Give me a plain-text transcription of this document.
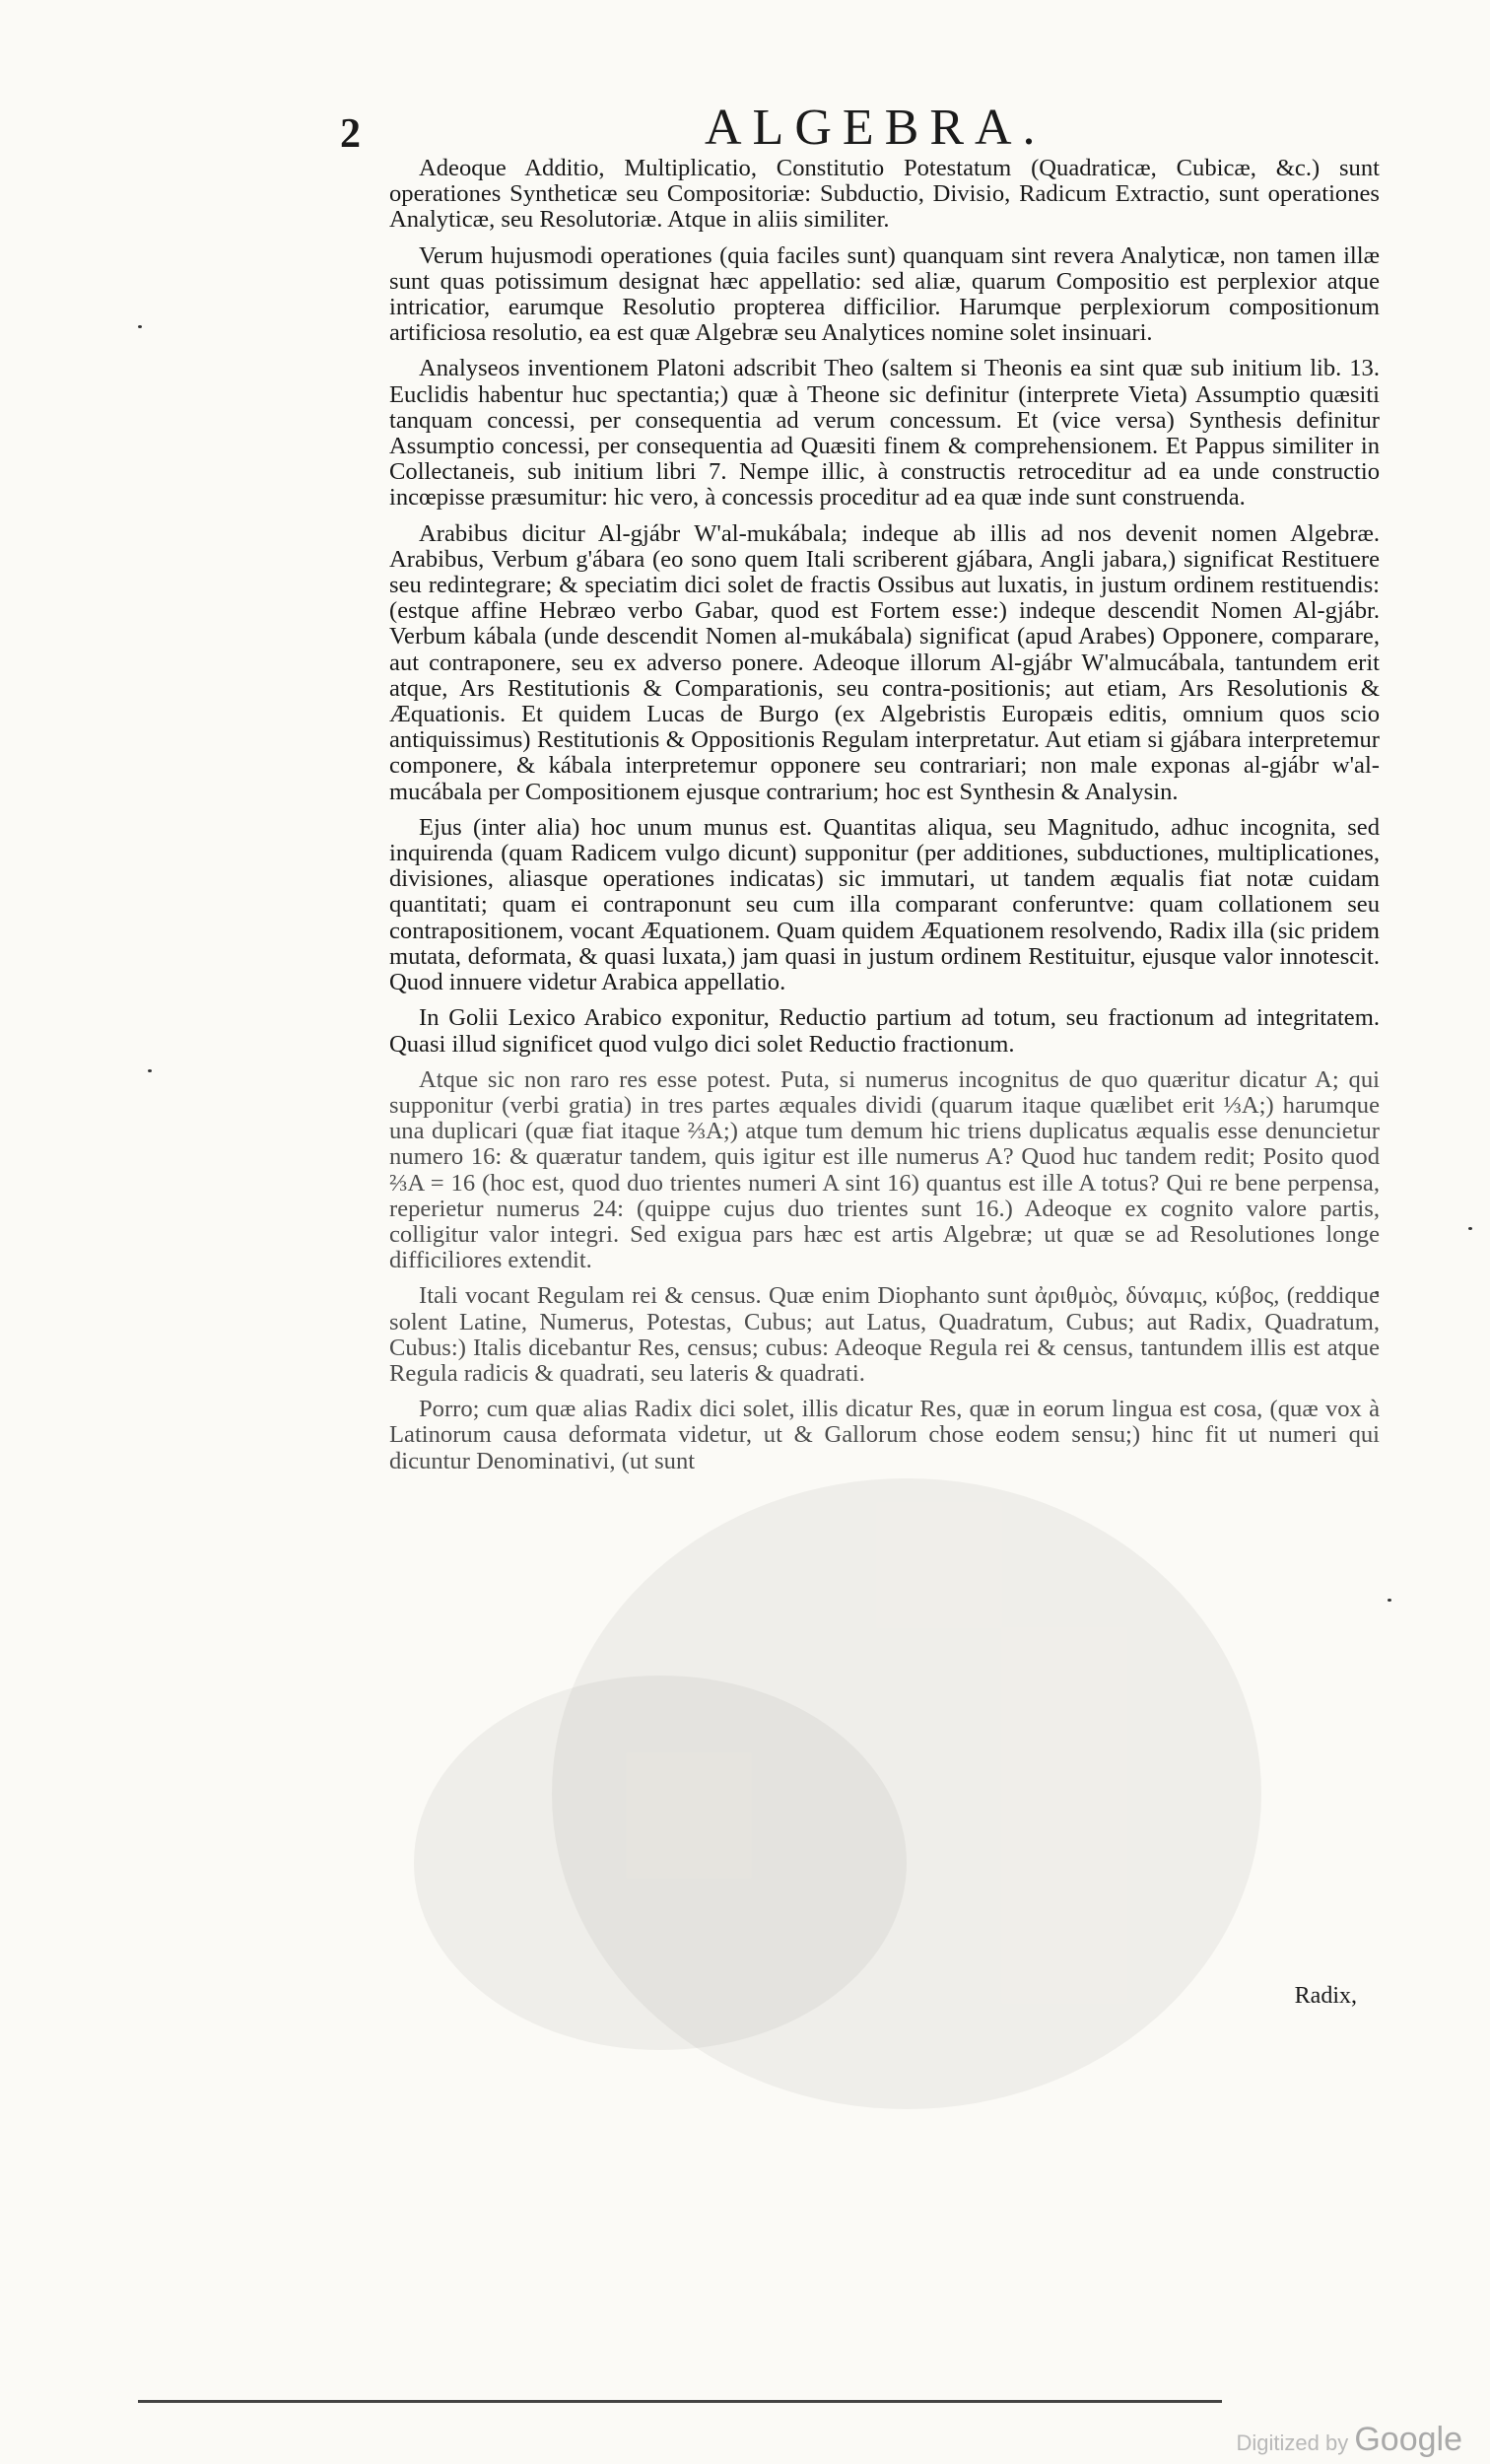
2	ALGEBRA.

Adeoque Additio, Multiplicatio, Constitutio Potestatum (Quadraticæ, Cubicæ, &c.) sunt operationes Syntheticæ seu Compositoriæ: Subductio, Divisio, Radicum Extractio, sunt operationes Analyticæ, seu Resolutoriæ. Atque in aliis similiter.

Verum hujusmodi operationes (quia faciles sunt) quanquam sint revera Analyticæ, non tamen illæ sunt quas potissimum designat hæc appellatio: sed aliæ, quarum Compositio est perplexior atque intricatior, earumque Resolutio propterea difficilior. Harumque perplexiorum compositionum artificiosa resolutio, ea est quæ Algebræ seu Analytices nomine solet insinuari.

Analyseos inventionem Platoni adscribit Theo (saltem si Theonis ea sint quæ sub initium lib. 13. Euclidis habentur huc spectantia;) quæ à Theone sic definitur (interprete Vieta) Assumptio quæsiti tanquam concessi, per consequentia ad verum concessum. Et (vice versa) Synthesis definitur Assumptio concessi, per consequentia ad Quæsiti finem & comprehensionem. Et Pappus similiter in Collectaneis, sub initium libri 7. Nempe illic, à constructis retroceditur ad ea unde constructio incœpisse præsumitur: hic vero, à concessis proceditur ad ea quæ inde sunt construenda.

Arabibus dicitur Al-gjábr W'al-mukábala; indeque ab illis ad nos devenit nomen Algebræ. Arabibus, Verbum g'ábara (eo sono quem Itali scriberent gjábara, Angli jabara,) significat Restituere seu redintegrare; & speciatim dici solet de fractis Ossibus aut luxatis, in justum ordinem restituendis: (estque affine Hebræo verbo Gabar, quod est Fortem esse:) indeque descendit Nomen Al-gjábr. Verbum kábala (unde descendit Nomen al-mukábala) significat (apud Arabes) Opponere, comparare, aut contraponere, seu ex adverso ponere. Adeoque illorum Al-gjábr W'almucábala, tantundem erit atque, Ars Restitutionis & Comparationis, seu contra-positionis; aut etiam, Ars Resolutionis & Æquationis. Et quidem Lucas de Burgo (ex Algebristis Europæis editis, omnium quos scio antiquissimus) Restitutionis & Oppositionis Regulam interpretatur. Aut etiam si gjábara interpretemur componere, & kábala interpretemur opponere seu contrariari; non male exponas al-gjábr w'al-mucábala per Compositionem ejusque contrarium; hoc est Synthesin & Analysin.

Ejus (inter alia) hoc unum munus est. Quantitas aliqua, seu Magnitudo, adhuc incognita, sed inquirenda (quam Radicem vulgo dicunt) supponitur (per additiones, subductiones, multiplicationes, divisiones, aliasque operationes indicatas) sic immutari, ut tandem æqualis fiat notæ cuidam quantitati; quam ei contraponunt seu cum illa comparant conferuntve: quam collationem seu contrapositionem, vocant Æquationem. Quam quidem Æquationem resolvendo, Radix illa (sic pridem mutata, deformata, & quasi luxata,) jam quasi in justum ordinem Restituitur, ejusque valor innotescit. Quod innuere videtur Arabica appellatio.

In Golii Lexico Arabico exponitur, Reductio partium ad totum, seu fractionum ad integritatem. Quasi illud significet quod vulgo dici solet Reductio fractionum.

Atque sic non raro res esse potest. Puta, si numerus incognitus de quo quæritur dicatur A; qui supponitur (verbi gratia) in tres partes æquales dividi (quarum itaque quælibet erit ⅓A;) harumque una duplicari (quæ fiat itaque ⅔A;) atque tum demum hic triens duplicatus æqualis esse denuncietur numero 16: & quæratur tandem, quis igitur est ille numerus A? Quod huc tandem redit; Posito quod ⅔A = 16 (hoc est, quod duo trientes numeri A sint 16) quantus est ille A totus? Qui re bene perpensa, reperietur numerus 24: (quippe cujus duo trientes sunt 16.) Adeoque ex cognito valore partis, colligitur valor integri. Sed exigua pars hæc est artis Algebræ; ut quæ se ad Resolutiones longe difficiliores extendit.

Itali vocant Regulam rei & census. Quæ enim Diophanto sunt ἀριθμὸς, δύναμις, κύβος, (reddique solent Latine, Numerus, Potestas, Cubus; aut Latus, Quadratum, Cubus; aut Radix, Quadratum, Cubus:) Italis dicebantur Res, census; cubus: Adeoque Regula rei & census, tantundem illis est atque Regula radicis & quadrati, seu lateris & quadrati.

Porro; cum quæ alias Radix dici solet, illis dicatur Res, quæ in eorum lingua est cosa, (quæ vox à Latinorum causa deformata videtur, ut & Gallorum chose eodem sensu;) hinc fit ut numeri qui dicuntur Denominativi, (ut sunt

Radix,
Digitized by Google
